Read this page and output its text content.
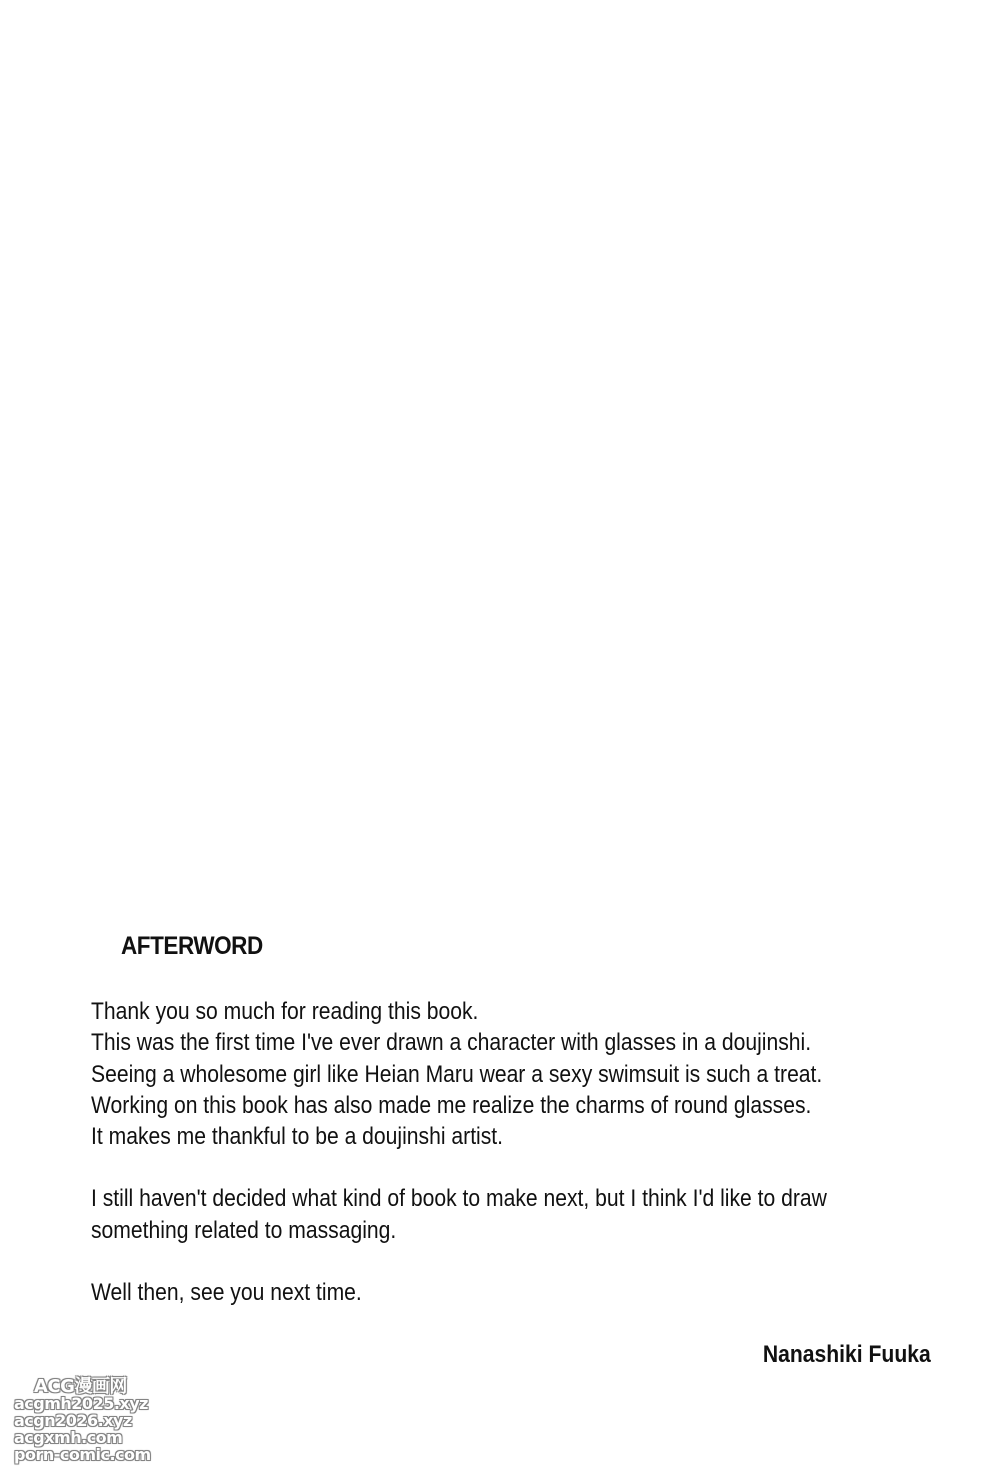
AFTERWORD

Thank you so much for reading this book.

This was the first time I've ever drawn a character with glasses in a doujinshi.

Seeing a wholesome girl like Heian Maru wear a sexy swimsuit is such a treat.

Working on this book has also made me realize the charms of round glasses.

It makes me thankful to be a doujinshi artist.

I still haven't decided what kind of book to make next, but I think I'd like to draw

something related to massaging.

Well then, see you next time.

Nanashiki Fuuka
ACG漫画网
acgmh2025.xyz
acgn2026.xyz
acgxmh.com
porn-comic.com
